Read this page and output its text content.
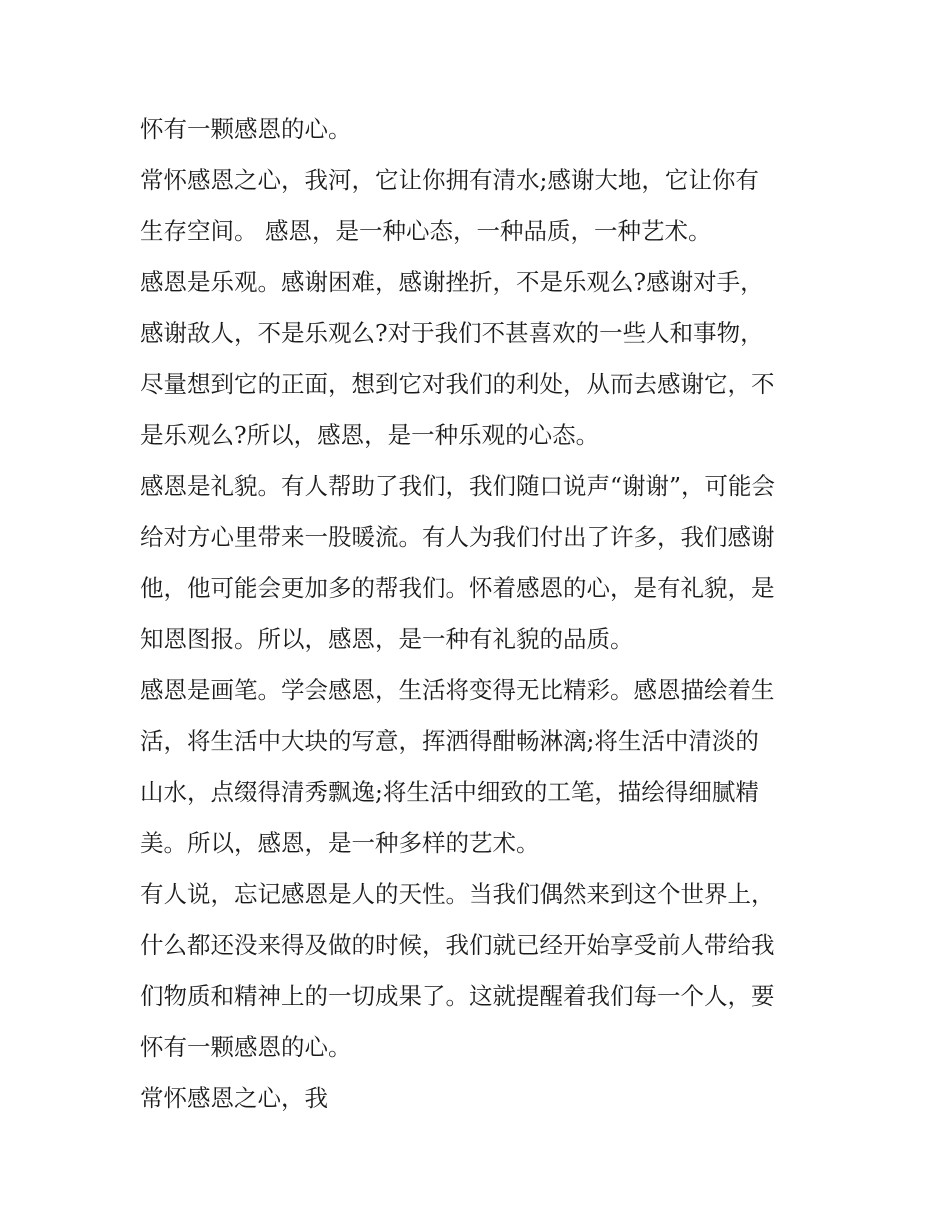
怀有一颗感恩的心。
常怀感恩之心，我河，它让你拥有清水;感谢大地，它让你有
生存空间。 感恩，是一种心态，一种品质，一种艺术。
感恩是乐观。感谢困难，感谢挫折，不是乐观么?感谢对手，
感谢敌人，不是乐观么?对于我们不甚喜欢的一些人和事物，
尽量想到它的正面，想到它对我们的利处，从而去感谢它，不
是乐观么?所以，感恩，是一种乐观的心态。
感恩是礼貌。有人帮助了我们，我们随口说声“谢谢”，可能会
给对方心里带来一股暖流。有人为我们付出了许多，我们感谢
他，他可能会更加多的帮我们。怀着感恩的心，是有礼貌，是
知恩图报。所以，感恩，是一种有礼貌的品质。
感恩是画笔。学会感恩，生活将变得无比精彩。感恩描绘着生
活，将生活中大块的写意，挥洒得酣畅淋漓;将生活中清淡的
山水，点缀得清秀飘逸;将生活中细致的工笔，描绘得细腻精
美。所以，感恩，是一种多样的艺术。
有人说，忘记感恩是人的天性。当我们偶然来到这个世界上，
什么都还没来得及做的时候，我们就已经开始享受前人带给我
们物质和精神上的一切成果了。这就提醒着我们每一个人，要
怀有一颗感恩的心。
常怀感恩之心，我
